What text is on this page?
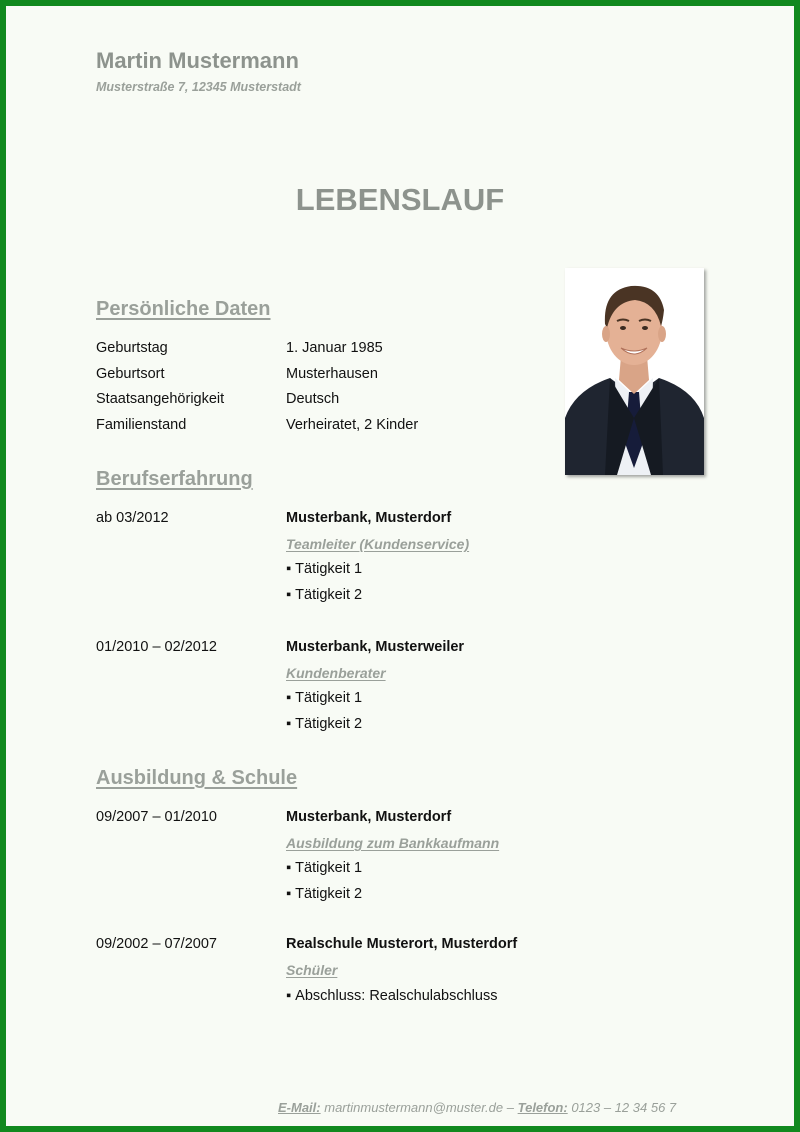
Martin Mustermann
Musterstraße 7, 12345 Musterstadt
LEBENSLAUF
Persönliche Daten
Geburtstag	1. Januar 1985
Geburtsort	Musterhausen
Staatsangehörigkeit	Deutsch
Familienstand	Verheiratet, 2 Kinder
Berufserfahrung
ab 03/2012	Musterbank, Musterdorf
Teamleiter (Kundenservice)
▪ Tätigkeit 1
▪ Tätigkeit 2
01/2010 – 02/2012	Musterbank, Musterweiler
Kundenberater
▪ Tätigkeit 1
▪ Tätigkeit 2
Ausbildung & Schule
09/2007 – 01/2010	Musterbank, Musterdorf
Ausbildung zum Bankkaufmann
▪ Tätigkeit 1
▪ Tätigkeit 2
09/2002 – 07/2007	Realschule Musterort, Musterdorf
Schüler
▪ Abschluss: Realschulabschluss
E-Mail: martinmustermann@muster.de – Telefon: 0123 – 12 34 56 7
